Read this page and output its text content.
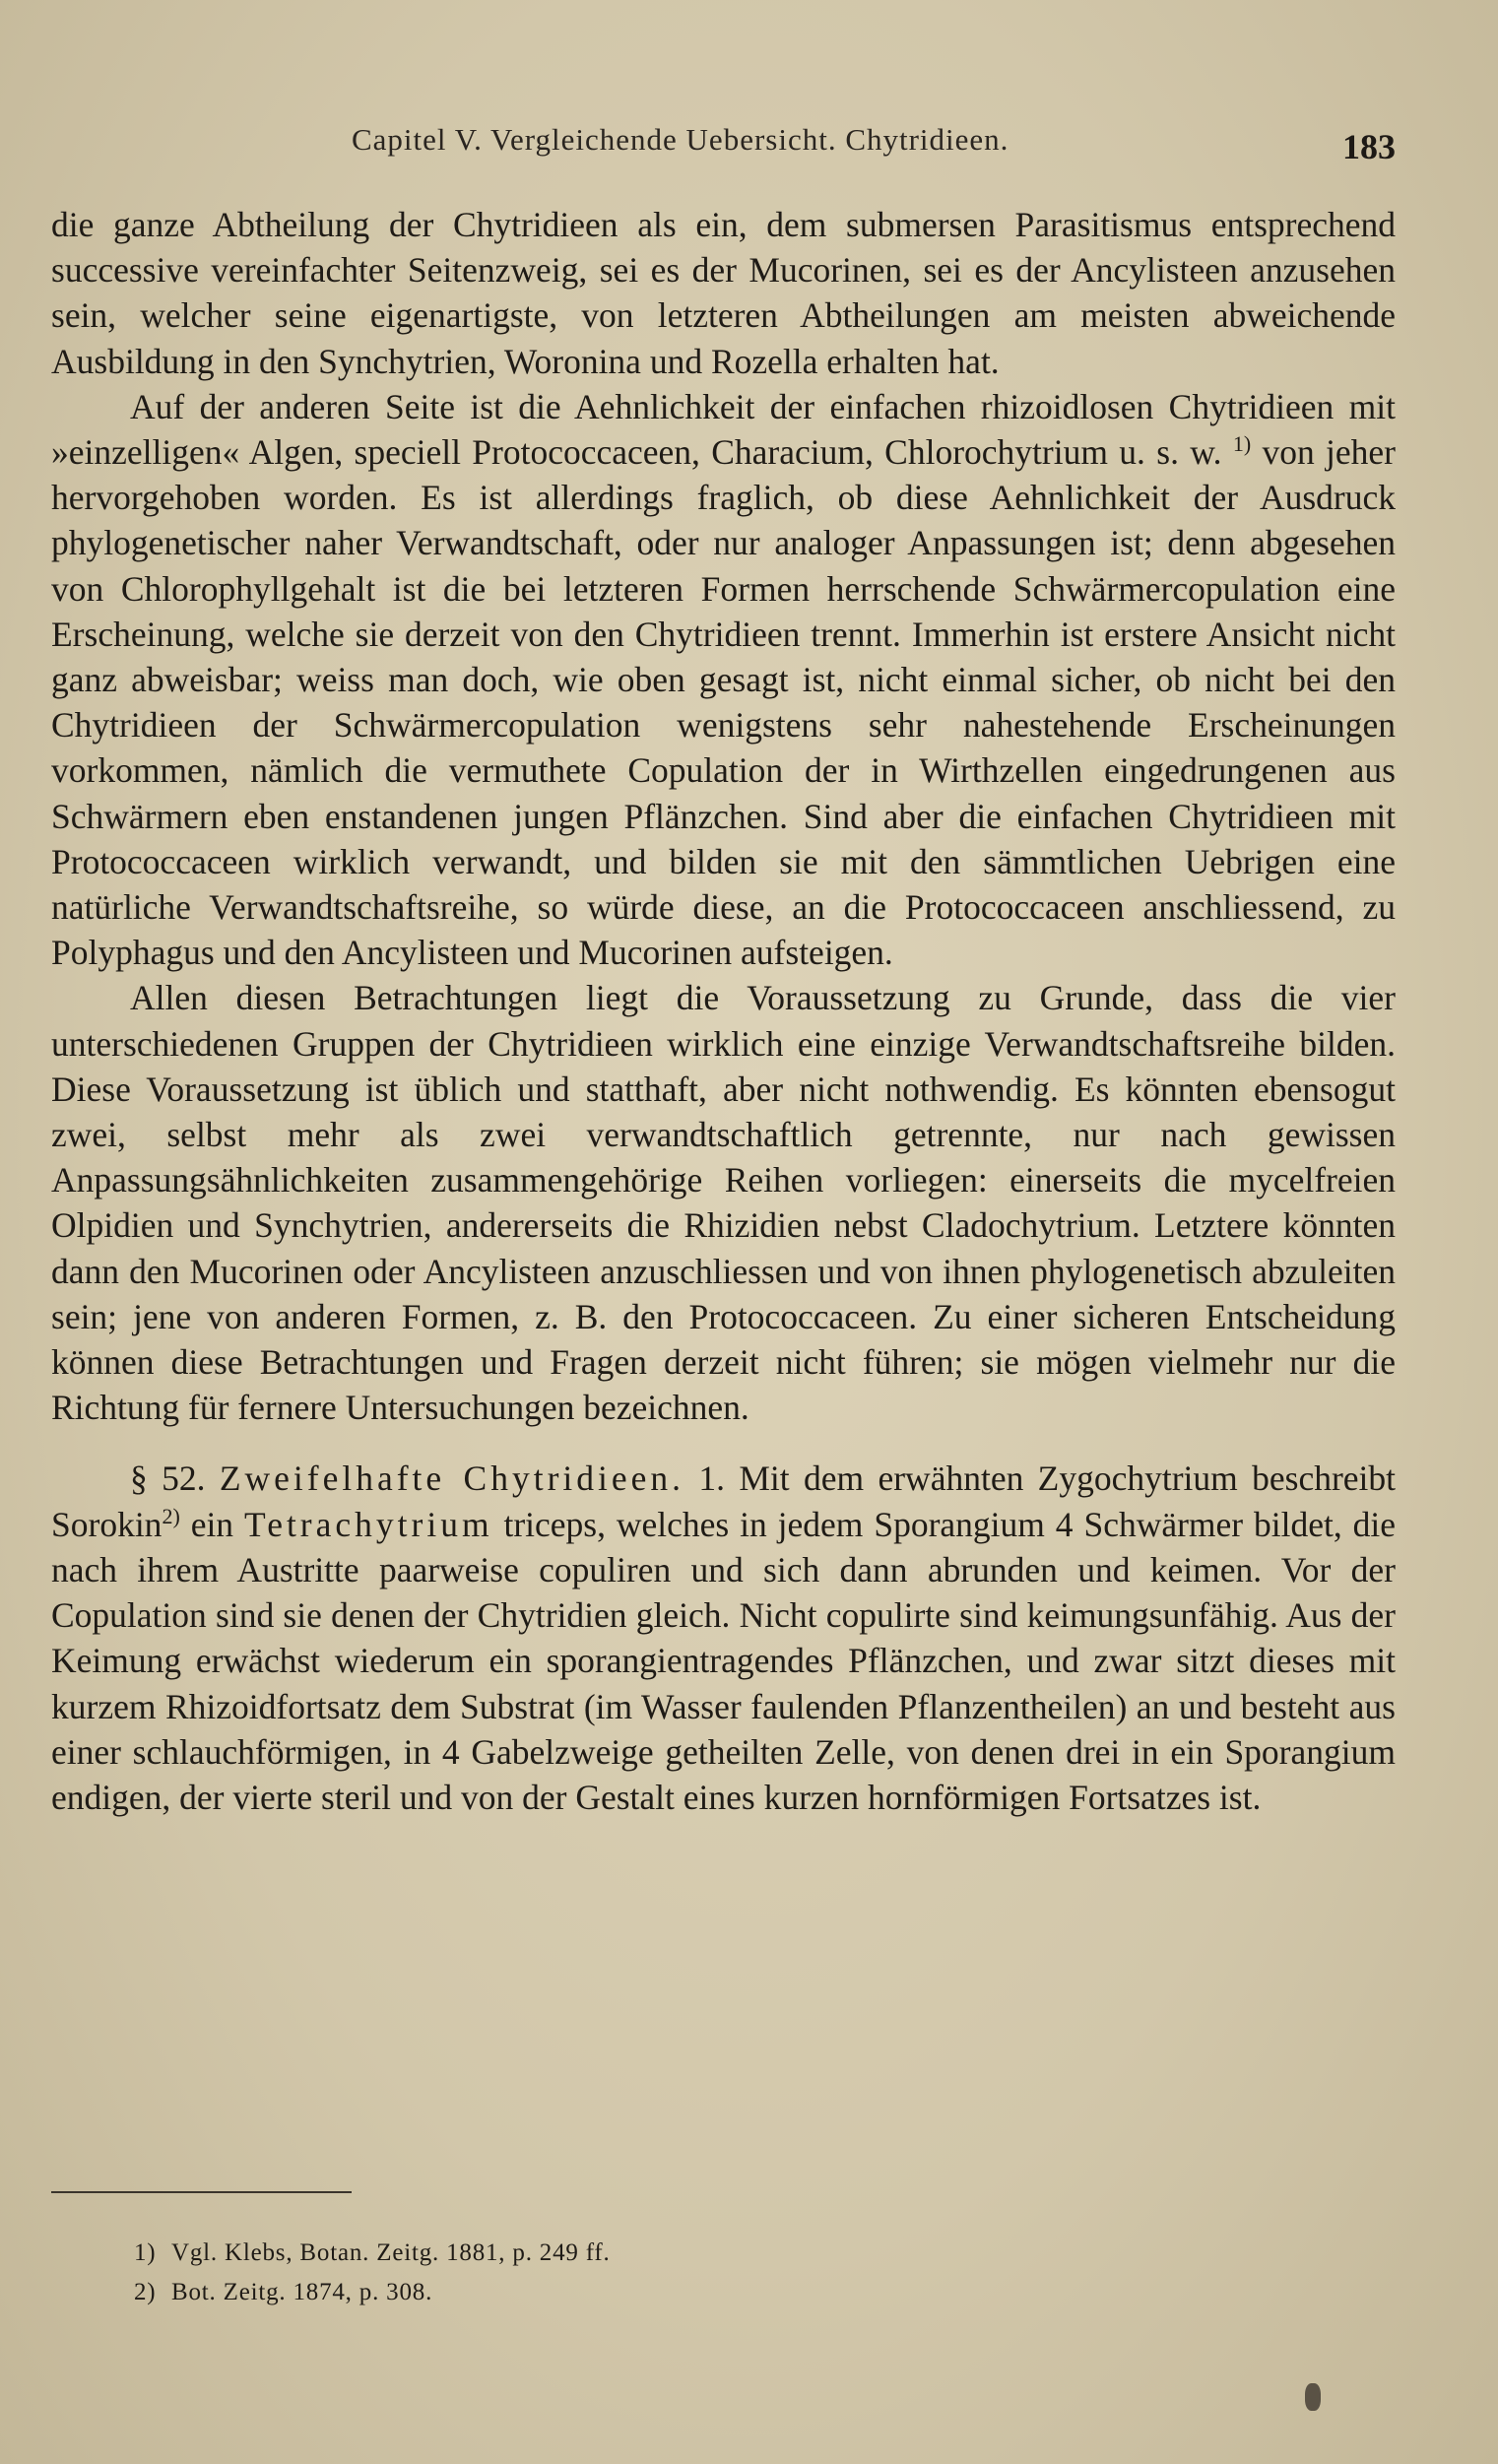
Capitel V. Vergleichende Uebersicht. Chytridieen.	183

die ganze Abtheilung der Chytridieen als ein, dem submersen Parasitismus entsprechend successive vereinfachter Seitenzweig, sei es der Mucorinen, sei es der Ancylisteen anzusehen sein, welcher seine eigenartigste, von letzteren Abtheilungen am meisten abweichende Ausbildung in den Synchytrien, Woronina und Rozella erhalten hat.

Auf der anderen Seite ist die Aehnlichkeit der einfachen rhizoidlosen Chytridieen mit »einzelligen« Algen, speciell Protococcaceen, Characium, Chlorochytrium u. s. w. $^{1)}$ von jeher hervorgehoben worden. Es ist allerdings fraglich, ob diese Aehnlichkeit der Ausdruck phylogenetischer naher Verwandtschaft, oder nur analoger Anpassungen ist; denn abgesehen von Chlorophyllgehalt ist die bei letzteren Formen herrschende Schwärmercopulation eine Erscheinung, welche sie derzeit von den Chytridieen trennt. Immerhin ist erstere Ansicht nicht ganz abweisbar; weiss man doch, wie oben gesagt ist, nicht einmal sicher, ob nicht bei den Chytridieen der Schwärmercopulation wenigstens sehr nahestehende Erscheinungen vorkommen, nämlich die vermuthete Copulation der in Wirthzellen eingedrungenen aus Schwärmern eben enstandenen jungen Pflänzchen. Sind aber die einfachen Chytridieen mit Protococcaceen wirklich verwandt, und bilden sie mit den sämmtlichen Uebrigen eine natürliche Verwandtschaftsreihe, so würde diese, an die Protococcaceen anschliessend, zu Polyphagus und den Ancylisteen und Mucorinen aufsteigen.

Allen diesen Betrachtungen liegt die Voraussetzung zu Grunde, dass die vier unterschiedenen Gruppen der Chytridieen wirklich eine einzige Verwandtschaftsreihe bilden. Diese Voraussetzung ist üblich und statthaft, aber nicht nothwendig. Es könnten ebensogut zwei, selbst mehr als zwei verwandtschaftlich getrennte, nur nach gewissen Anpassungsähnlichkeiten zusammengehörige Reihen vorliegen: einerseits die mycelfreien Olpidien und Synchytrien, andererseits die Rhizidien nebst Cladochytrium. Letztere könnten dann den Mucorinen oder Ancylisteen anzuschliessen und von ihnen phylogenetisch abzuleiten sein; jene von anderen Formen, z. B. den Protococcaceen. Zu einer sicheren Entscheidung können diese Betrachtungen und Fragen derzeit nicht führen; sie mögen vielmehr nur die Richtung für fernere Untersuchungen bezeichnen.

§ 52. Zweifelhafte Chytridieen. 1. Mit dem erwähnten Zygochytrium beschreibt Sorokin$^{2)}$ ein Tetrachytrium triceps, welches in jedem Sporangium 4 Schwärmer bildet, die nach ihrem Austritte paarweise copuliren und sich dann abrunden und keimen. Vor der Copulation sind sie denen der Chytridien gleich. Nicht copulirte sind keimungsunfähig. Aus der Keimung erwächst wiederum ein sporangientragendes Pflänzchen, und zwar sitzt dieses mit kurzem Rhizoidfortsatz dem Substrat (im Wasser faulenden Pflanzentheilen) an und besteht aus einer schlauchförmigen, in 4 Gabelzweige getheilten Zelle, von denen drei in ein Sporangium endigen, der vierte steril und von der Gestalt eines kurzen hornförmigen Fortsatzes ist.

1) Vgl. Klebs, Botan. Zeitg. 1881, p. 249 ff.

2) Bot. Zeitg. 1874, p. 308.
